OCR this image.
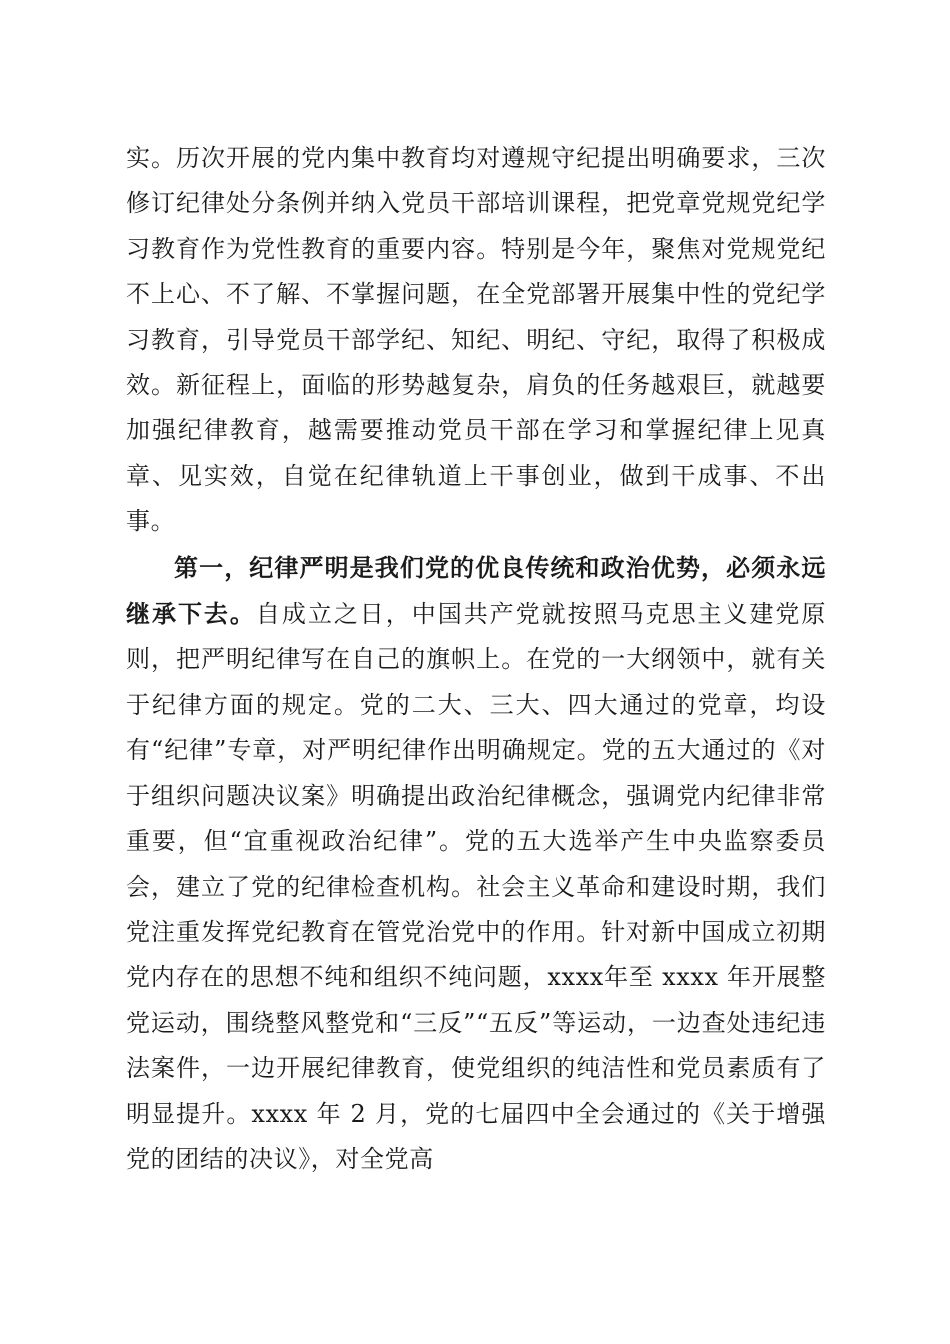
实。历次开展的党内集中教育均对遵规守纪提出明确要求，三次修订纪律处分条例并纳入党员干部培训课程，把党章党规党纪学习教育作为党性教育的重要内容。特别是今年，聚焦对党规党纪不上心、不了解、不掌握问题，在全党部署开展集中性的党纪学习教育，引导党员干部学纪、知纪、明纪、守纪，取得了积极成效。新征程上，面临的形势越复杂，肩负的任务越艰巨，就越要加强纪律教育，越需要推动党员干部在学习和掌握纪律上见真章、见实效，自觉在纪律轨道上干事创业，做到干成事、不出事。

第一，纪律严明是我们党的优良传统和政治优势，必须永远继承下去。自成立之日，中国共产党就按照马克思主义建党原则，把严明纪律写在自己的旗帜上。在党的一大纲领中，就有关于纪律方面的规定。党的二大、三大、四大通过的党章，均设有“纪律”专章，对严明纪律作出明确规定。党的五大通过的《对于组织问题决议案》明确提出政治纪律概念，强调党内纪律非常重要，但“宜重视政治纪律”。党的五大选举产生中央监察委员会，建立了党的纪律检查机构。社会主义革命和建设时期，我们党注重发挥党纪教育在管党治党中的作用。针对新中国成立初期党内存在的思想不纯和组织不纯问题，xxxx年至 xxxx 年开展整党运动，围绕整风整党和“三反”“五反”等运动，一边查处违纪违法案件，一边开展纪律教育，使党组织的纯洁性和党员素质有了明显提升。xxxx 年 2 月，党的七届四中全会通过的《关于增强党的团结的决议》，对全党高
